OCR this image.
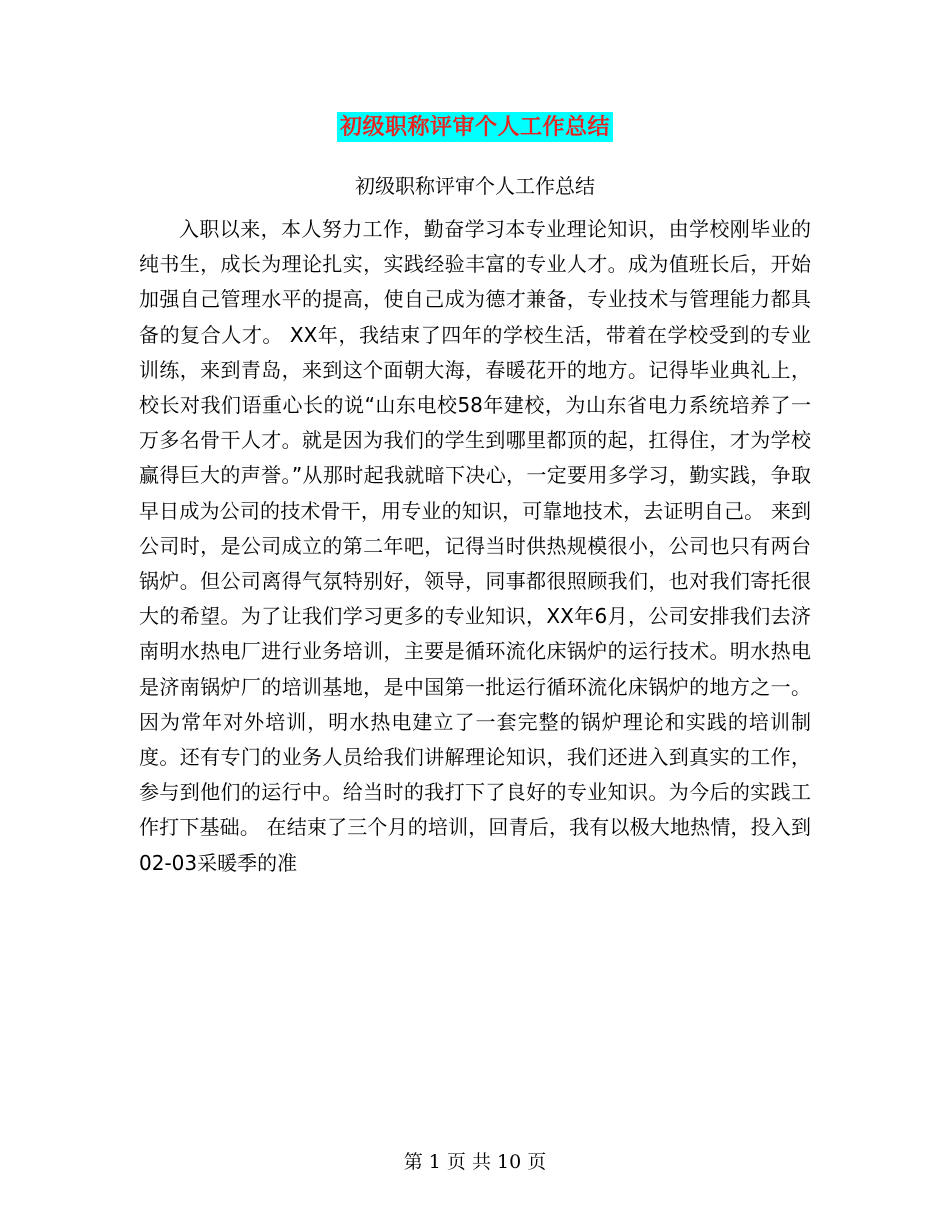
初级职称评审个人工作总结
初级职称评审个人工作总结

入职以来，本人努力工作，勤奋学习本专业理论知识，由学校刚毕业的纯书生，成长为理论扎实，实践经验丰富的专业人才。成为值班长后，开始加强自己管理水平的提高，使自己成为德才兼备，专业技术与管理能力都具备的复合人才。 XX年，我结束了四年的学校生活，带着在学校受到的专业训练，来到青岛，来到这个面朝大海，春暖花开的地方。记得毕业典礼上，校长对我们语重心长的说“山东电校58年建校，为山东省电力系统培养了一万多名骨干人才。就是因为我们的学生到哪里都顶的起，扛得住，才为学校赢得巨大的声誉。”从那时起我就暗下决心，一定要用多学习，勤实践，争取早日成为公司的技术骨干，用专业的知识，可靠地技术，去证明自己。 来到公司时，是公司成立的第二年吧，记得当时供热规模很小，公司也只有两台锅炉。但公司离得气氛特别好，领导，同事都很照顾我们，也对我们寄托很大的希望。为了让我们学习更多的专业知识，XX年6月，公司安排我们去济南明水热电厂进行业务培训，主要是循环流化床锅炉的运行技术。明水热电是济南锅炉厂的培训基地，是中国第一批运行循环流化床锅炉的地方之一。 因为常年对外培训，明水热电建立了一套完整的锅炉理论和实践的培训制度。还有专门的业务人员给我们讲解理论知识，我们还进入到真实的工作，参与到他们的运行中。给当时的我打下了良好的专业知识。为今后的实践工作打下基础。 在结束了三个月的培训，回青后，我有以极大地热情，投入到02-03采暖季的准

第 1 页 共 10 页
